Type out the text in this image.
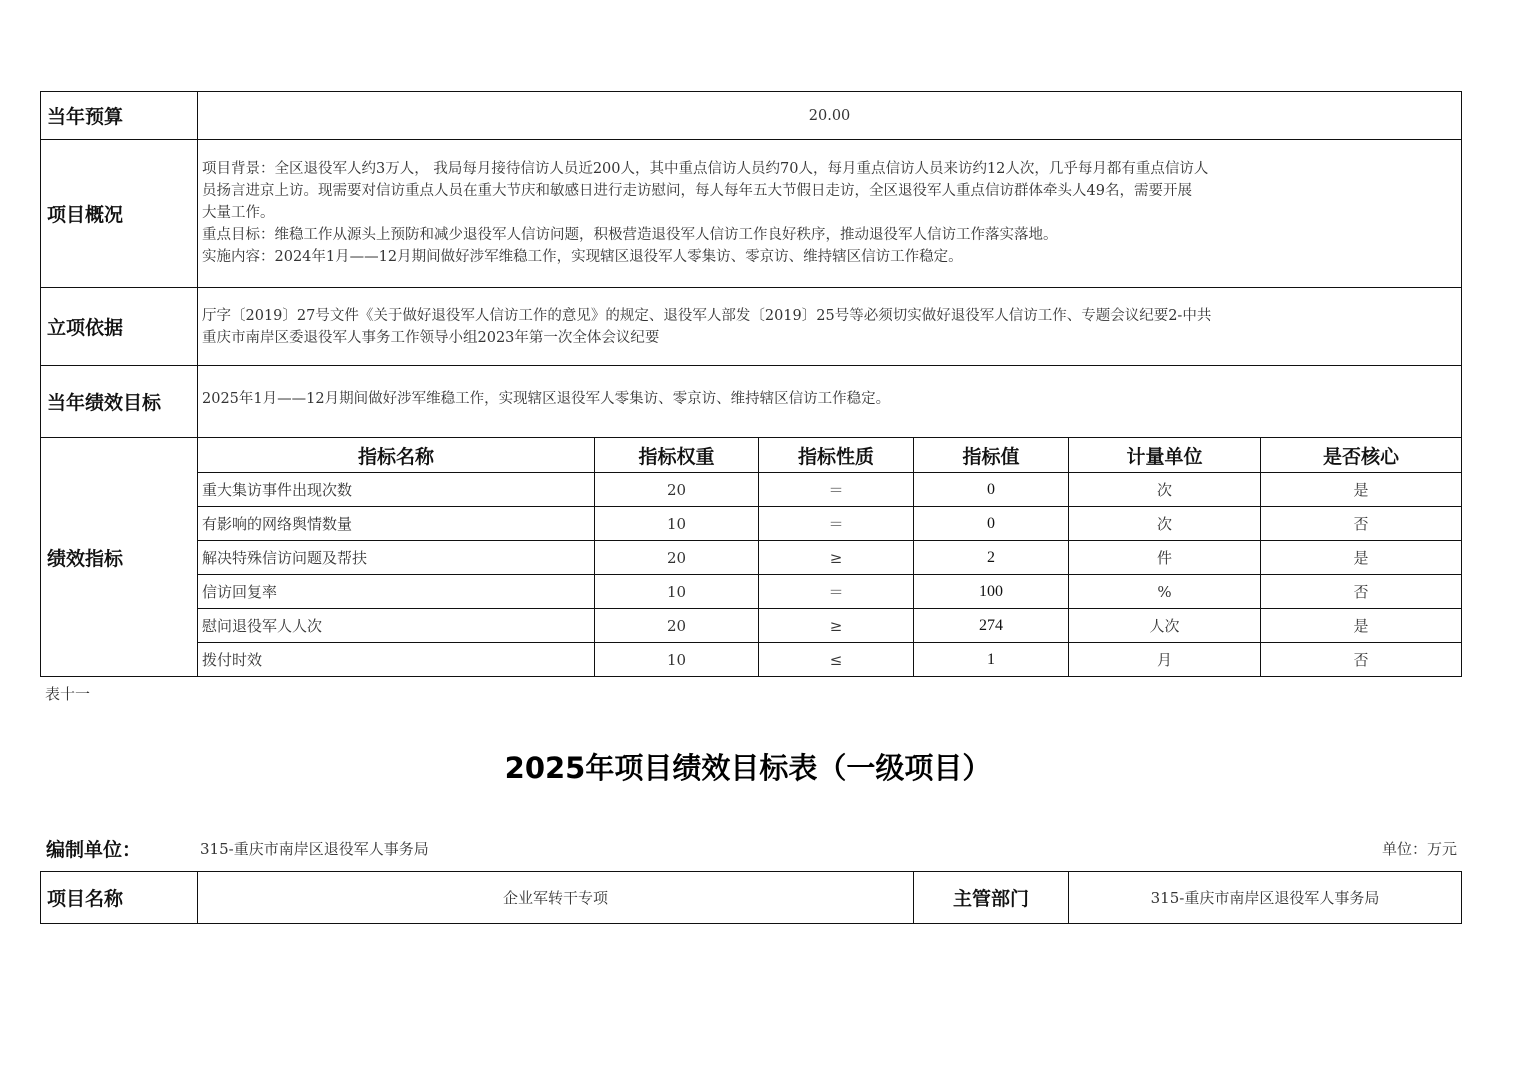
当年预算	20.00					
项目概况	项目背景：全区退役军人约3万人， 我局每月接待信访人员近200人，其中重点信访人员约70人，每月重点信访人员来访约12人次，几乎每月都有重点信访人
员扬言进京上访。现需要对信访重点人员在重大节庆和敏感日进行走访慰问，每人每年五大节假日走访，全区退役军人重点信访群体牵头人49名，需要开展
大量工作。
重点目标：维稳工作从源头上预防和减少退役军人信访问题，积极营造退役军人信访工作良好秩序，推动退役军人信访工作落实落地。
实施内容：2024年1月——12月期间做好涉军维稳工作，实现辖区退役军人零集访、零京访、维持辖区信访工作稳定。					

立项依据	厅字〔2019〕27号文件《关于做好退役军人信访工作的意见》的规定、退役军人部发〔2019〕25号等必须切实做好退役军人信访工作、专题会议纪要2-中共
重庆市南岸区委退役军人事务工作领导小组2023年第一次全体会议纪要					

当年绩效目标	2025年1月——12月期间做好涉军维稳工作，实现辖区退役军人零集访、零京访、维持辖区信访工作稳定。					
绩效指标	指标名称	指标权重	指标性质	指标值	计量单位	是否核心
	重大集访事件出现次数	20	＝	0	次	是
	有影响的网络舆情数量	10	＝	0	次	否
	解决特殊信访问题及帮扶	20	≥	2	件	是
	信访回复率	10	＝	100	%	否
	慰问退役军人人次	20	≥	274	人次	是
	拨付时效	10	≤	1	月	否
表十一
2025年项目绩效目标表（一级项目）
编制单位：	315-重庆市南岸区退役军人事务局	单位：万元
项目名称	企业军转干专项	主管部门	315-重庆市南岸区退役军人事务局
